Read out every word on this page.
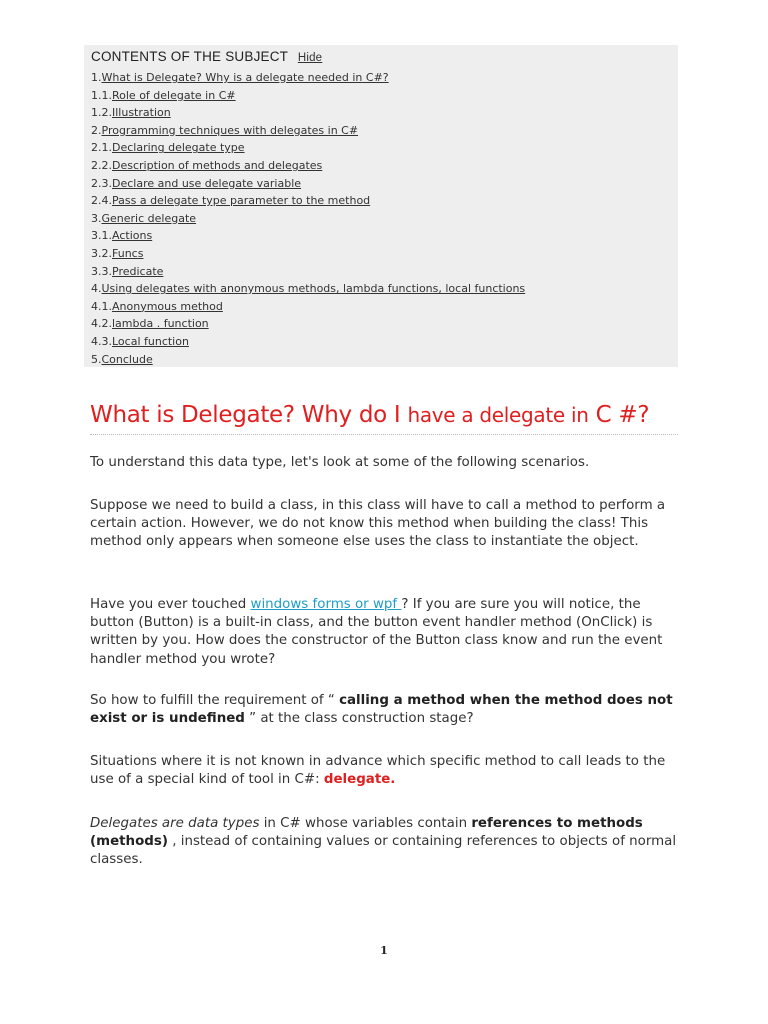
CONTENTS OF THE SUBJECT Hide
1.What is Delegate? Why is a delegate needed in C#?
1.1.Role of delegate in C#
1.2.Illustration
2.Programming techniques with delegates in C#
2.1.Declaring delegate type
2.2.Description of methods and delegates
2.3.Declare and use delegate variable
2.4.Pass a delegate type parameter to the method
3.Generic delegate
3.1.Actions
3.2.Funcs
3.3.Predicate
4.Using delegates with anonymous methods, lambda functions, local functions
4.1.Anonymous method
4.2.lambda . function
4.3.Local function
5.Conclude
What is Delegate? Why do I have a delegate in C #?
To understand this data type, let's look at some of the following scenarios.
Suppose we need to build a class, in this class will have to call a method to perform a certain action. However, we do not know this method when building the class! This method only appears when someone else uses the class to instantiate the object.
Have you ever touched windows forms or wpf ? If you are sure you will notice, the button (Button) is a built-in class, and the button event handler method (OnClick) is written by you. How does the constructor of the Button class know and run the event handler method you wrote?
So how to fulfill the requirement of “ calling a method when the method does not exist or is undefined ” at the class construction stage?
Situations where it is not known in advance which specific method to call leads to the use of a special kind of tool in C#: delegate.
Delegates are data types in C# whose variables contain references to methods (methods) , instead of containing values or containing references to objects of normal classes.
1
